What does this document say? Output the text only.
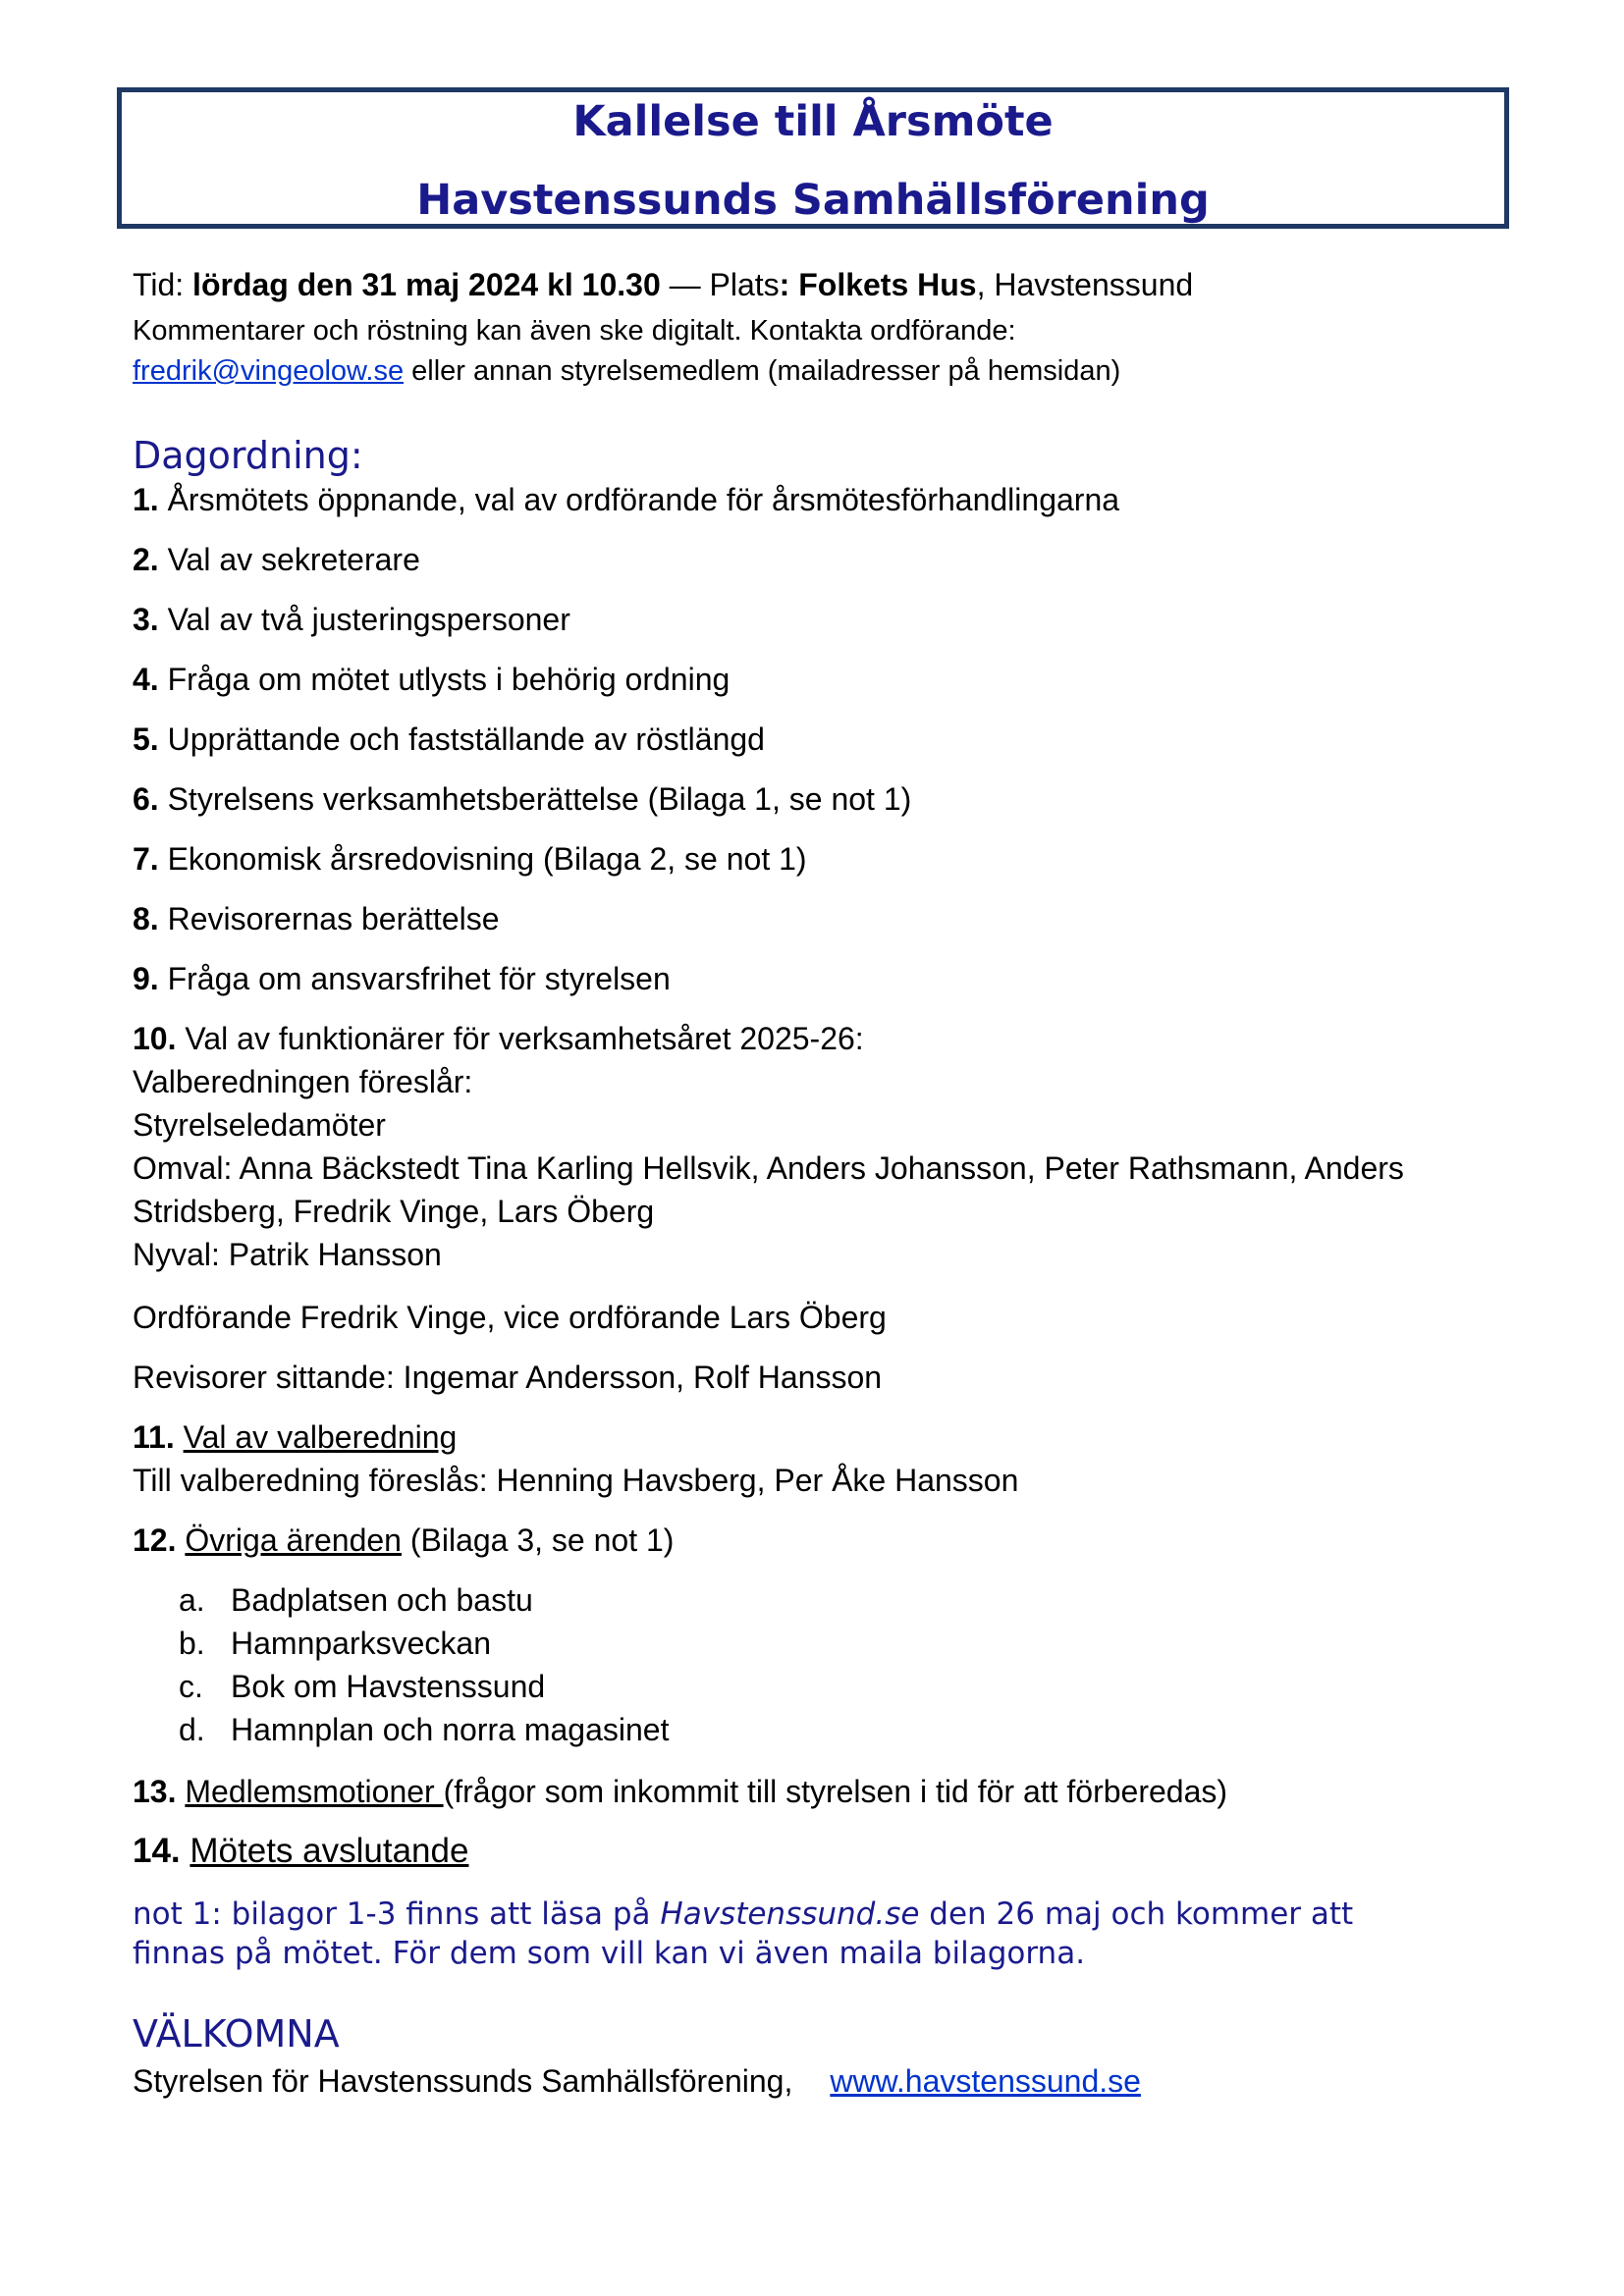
Kallelse till Årsmöte
Havstenssunds Samhällsförening
Tid: lördag den 31 maj 2024 kl 10.30 — Plats: Folkets Hus, Havstenssund
Kommentarer och röstning kan även ske digitalt. Kontakta ordförande:
fredrik@vingeolow.se eller annan styrelsemedlem (mailadresser på hemsidan)
Dagordning:
1. Årsmötets öppnande, val av ordförande för årsmötesförhandlingarna
2. Val av sekreterare
3. Val av två justeringspersoner
4. Fråga om mötet utlysts i behörig ordning
5. Upprättande och fastställande av röstlängd
6. Styrelsens verksamhetsberättelse (Bilaga 1, se not 1)
7. Ekonomisk årsredovisning (Bilaga 2, se not 1)
8. Revisorernas berättelse
9. Fråga om ansvarsfrihet för styrelsen
10. Val av funktionärer för verksamhetsåret 2025-26:
Valberedningen föreslår:
Styrelseledamöter
Omval: Anna Bäckstedt Tina Karling Hellsvik, Anders Johansson, Peter Rathsmann, Anders
Stridsberg, Fredrik Vinge, Lars Öberg
Nyval: Patrik Hansson
Ordförande Fredrik Vinge, vice ordförande Lars Öberg
Revisorer sittande: Ingemar Andersson, Rolf Hansson
11. Val av valberedning
Till valberedning föreslås: Henning Havsberg, Per Åke Hansson
12. Övriga ärenden (Bilaga 3, se not 1)
a. Badplatsen och bastu
b. Hamnparksveckan
c. Bok om Havstenssund
d. Hamnplan och norra magasinet
13. Medlemsmotioner (frågor som inkommit till styrelsen i tid för att förberedas)
14. Mötets avslutande
not 1: bilagor 1-3 finns att läsa på Havstenssund.se den 26 maj och kommer att
finnas på mötet. För dem som vill kan vi även maila bilagorna.
VÄLKOMNA
Styrelsen för Havstenssunds Samhällsförening, www.havstenssund.se
